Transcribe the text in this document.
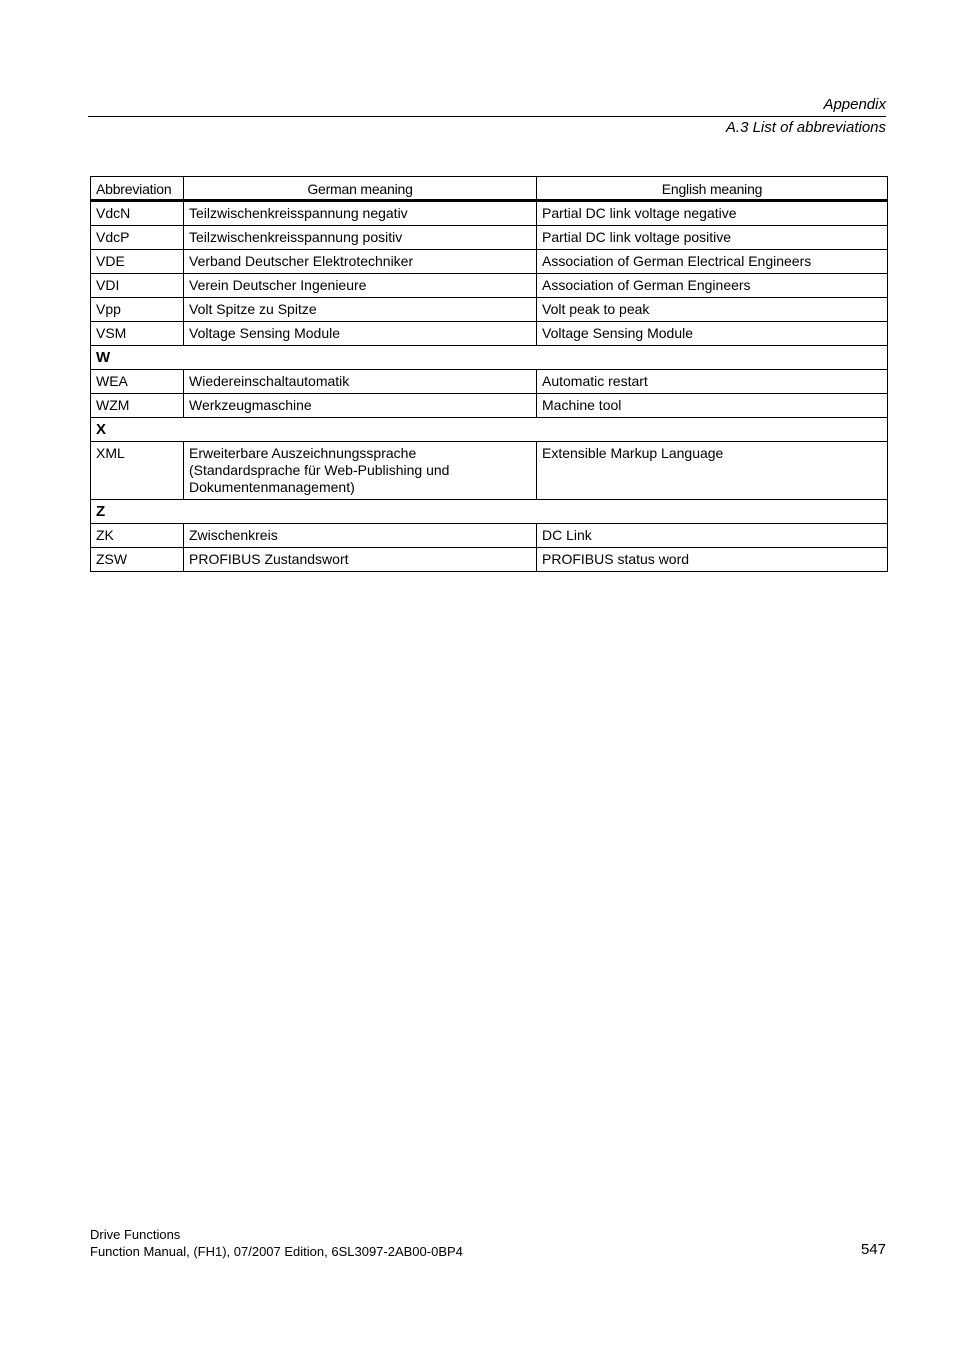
Appendix
A.3 List of abbreviations
Abbreviation	German meaning	English meaning
VdcN	Teilzwischenkreisspannung negativ	Partial DC link voltage negative
VdcP	Teilzwischenkreisspannung positiv	Partial DC link voltage positive
VDE	Verband Deutscher Elektrotechniker	Association of German Electrical Engineers
VDI	Verein Deutscher Ingenieure	Association of German Engineers
Vpp	Volt Spitze zu Spitze	Volt peak to peak
VSM	Voltage Sensing Module	Voltage Sensing Module
W		
WEA	Wiedereinschaltautomatik	Automatic restart
WZM	Werkzeugmaschine	Machine tool
X		
XML	Erweiterbare Auszeichnungssprache (Standardsprache für Web-Publishing und Dokumentenmanagement)	Extensible Markup Language
Z		
ZK	Zwischenkreis	DC Link
ZSW	PROFIBUS Zustandswort	PROFIBUS status word
Drive Functions
Function Manual, (FH1), 07/2007 Edition, 6SL3097-2AB00-0BP4	547
